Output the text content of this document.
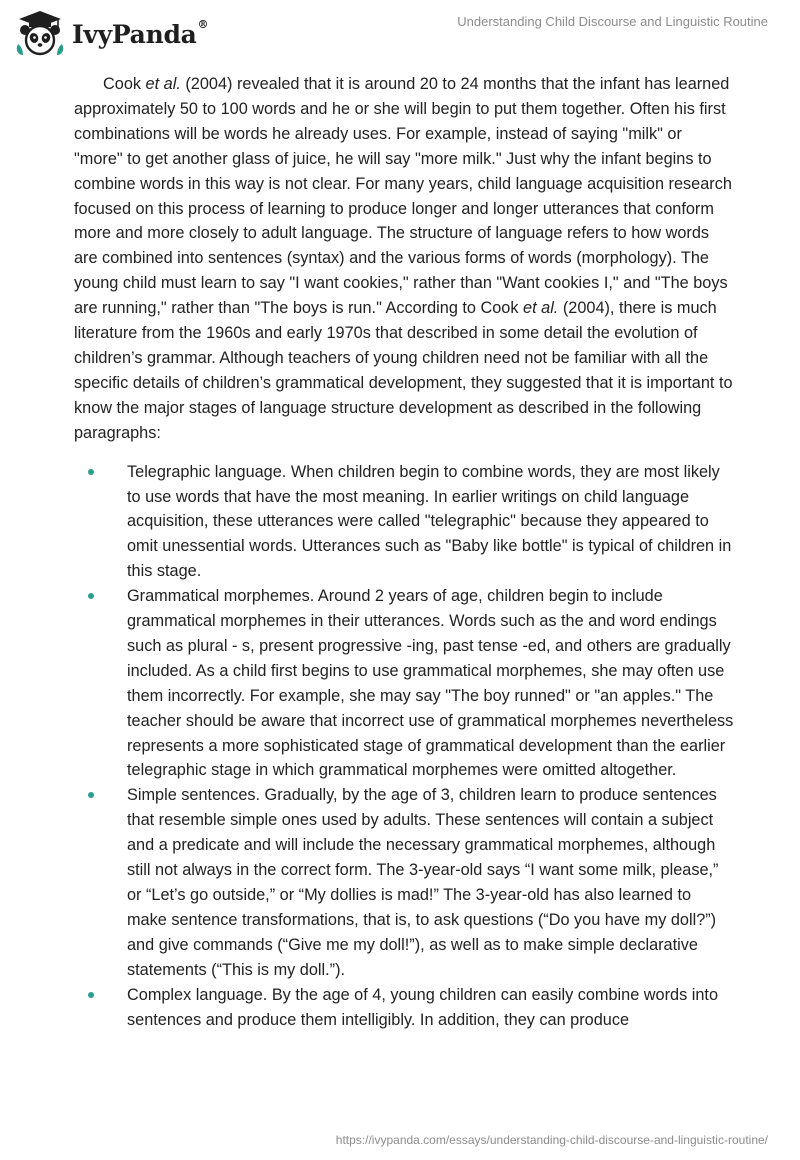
IvyPanda®	Understanding Child Discourse and Linguistic Routine

Cook et al. (2004) revealed that it is around 20 to 24 months that the infant has learned approximately 50 to 100 words and he or she will begin to put them together. Often his first combinations will be words he already uses. For example, instead of saying "milk" or "more" to get another glass of juice, he will say "more milk." Just why the infant begins to combine words in this way is not clear. For many years, child language acquisition research focused on this process of learning to produce longer and longer utterances that conform more and more closely to adult language. The structure of language refers to how words are combined into sentences (syntax) and the various forms of words (morphology). The young child must learn to say "I want cookies," rather than "Want cookies I," and "The boys are running," rather than "The boys is run." According to Cook et al. (2004), there is much literature from the 1960s and early 1970s that described in some detail the evolution of children’s grammar. Although teachers of young children need not be familiar with all the specific details of children’s grammatical development, they suggested that it is important to know the major stages of language structure development as described in the following paragraphs:

Telegraphic language. When children begin to combine words, they are most likely to use words that have the most meaning. In earlier writings on child language acquisition, these utterances were called "telegraphic" because they appeared to omit unessential words. Utterances such as "Baby like bottle" is typical of children in this stage.
Grammatical morphemes. Around 2 years of age, children begin to include grammatical morphemes in their utterances. Words such as the and word endings such as plural - s, present progressive -ing, past tense -ed, and others are gradually included. As a child first begins to use grammatical morphemes, she may often use them incorrectly. For example, she may say "The boy runned" or "an apples." The teacher should be aware that incorrect use of grammatical morphemes nevertheless represents a more sophisticated stage of grammatical development than the earlier telegraphic stage in which grammatical morphemes were omitted altogether.
Simple sentences. Gradually, by the age of 3, children learn to produce sentences that resemble simple ones used by adults. These sentences will contain a subject and a predicate and will include the necessary grammatical morphemes, although still not always in the correct form. The 3-year-old says “I want some milk, please,” or “Let’s go outside,” or “My dollies is mad!” The 3-year-old has also learned to make sentence transformations, that is, to ask questions (“Do you have my doll?”) and give commands (“Give me my doll!”), as well as to make simple declarative statements (“This is my doll.”).
Complex language. By the age of 4, young children can easily combine words into sentences and produce them intelligibly. In addition, they can produce
https://ivypanda.com/essays/understanding-child-discourse-and-linguistic-routine/
